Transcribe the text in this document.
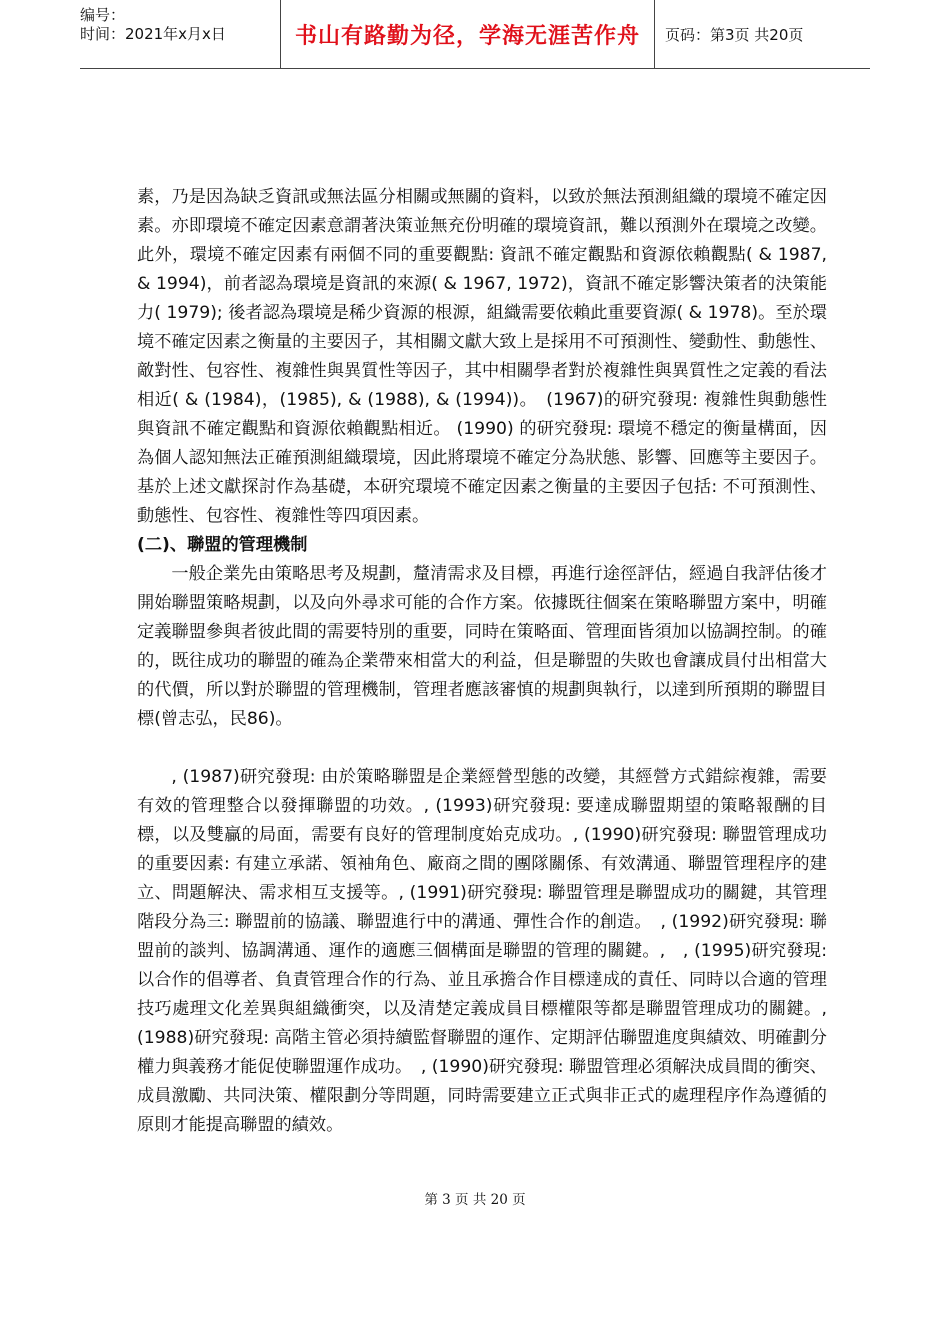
编号：
时间：2021年x月x日	书山有路勤为径，学海无涯苦作舟	页码：第3页 共20页

素，乃是因為缺乏資訊或無法區分相關或無關的資料，以致於無法預測組織的環境不確定因素。亦即環境不確定因素意謂著決策並無充份明確的環境資訊，難以預測外在環境之改變。此外，環境不確定因素有兩個不同的重要觀點: 資訊不確定觀點和資源依賴觀點( & 1987, & 1994)，前者認為環境是資訊的來源( & 1967, 1972)，資訊不確定影響決策者的決策能力( 1979); 後者認為環境是稀少資源的根源，組織需要依賴此重要資源( & 1978)。至於環境不確定因素之衡量的主要因子，其相關文獻大致上是採用不可預測性、變動性、動態性、敵對性、包容性、複雜性與異質性等因子，其中相關學者對於複雜性與異質性之定義的看法相近( & (1984)，(1985), & (1988), & (1994))。　(1967)的研究發現: 複雜性與動態性與資訊不確定觀點和資源依賴觀點相近。 (1990) 的研究發現: 環境不穩定的衡量構面，因為個人認知無法正確預測組織環境，因此將環境不確定分為狀態、影響、回應等主要因子。基於上述文獻探討作為基礎，本研究環境不確定因素之衡量的主要因子包括: 不可預測性、動態性、包容性、複雜性等四項因素。

(二)、聯盟的管理機制

一般企業先由策略思考及規劃，釐清需求及目標，再進行途徑評估，經過自我評估後才開始聯盟策略規劃，以及向外尋求可能的合作方案。依據既往個案在策略聯盟方案中，明確定義聯盟參與者彼此間的需要特別的重要，同時在策略面、管理面皆須加以協調控制。的確的，既往成功的聯盟的確為企業帶來相當大的利益，但是聯盟的失敗也會讓成員付出相當大的代價，所以對於聯盟的管理機制，管理者應該審慎的規劃與執行，以達到所預期的聯盟目標(曾志弘，民86)。

, (1987)研究發現: 由於策略聯盟是企業經營型態的改變，其經營方式錯綜複雜，需要有效的管理整合以發揮聯盟的功效。, (1993)研究發現: 要達成聯盟期望的策略報酬的目標，以及雙贏的局面，需要有良好的管理制度始克成功。, (1990)研究發現: 聯盟管理成功的重要因素: 有建立承諾、領袖角色、廠商之間的團隊關係、有效溝通、聯盟管理程序的建立、問題解決、需求相互支援等。, (1991)研究發現: 聯盟管理是聯盟成功的關鍵，其管理階段分為三: 聯盟前的協議、聯盟進行中的溝通、彈性合作的創造。　, (1992)研究發現: 聯盟前的談判、協調溝通、運作的適應三個構面是聯盟的管理的關鍵。,　, (1995)研究發現: 以合作的倡導者、負責管理合作的行為、並且承擔合作目標達成的責任、同時以合適的管理技巧處理文化差異與組織衝突，以及清楚定義成員目標權限等都是聯盟管理成功的關鍵。, (1988)研究發現: 高階主管必須持續監督聯盟的運作、定期評估聯盟進度與績效、明確劃分權力與義務才能促使聯盟運作成功。　, (1990)研究發現: 聯盟管理必須解決成員間的衝突、成員激勵、共同決策、權限劃分等問題，同時需要建立正式與非正式的處理程序作為遵循的原則才能提高聯盟的績效。

第 3 页 共 20 页
